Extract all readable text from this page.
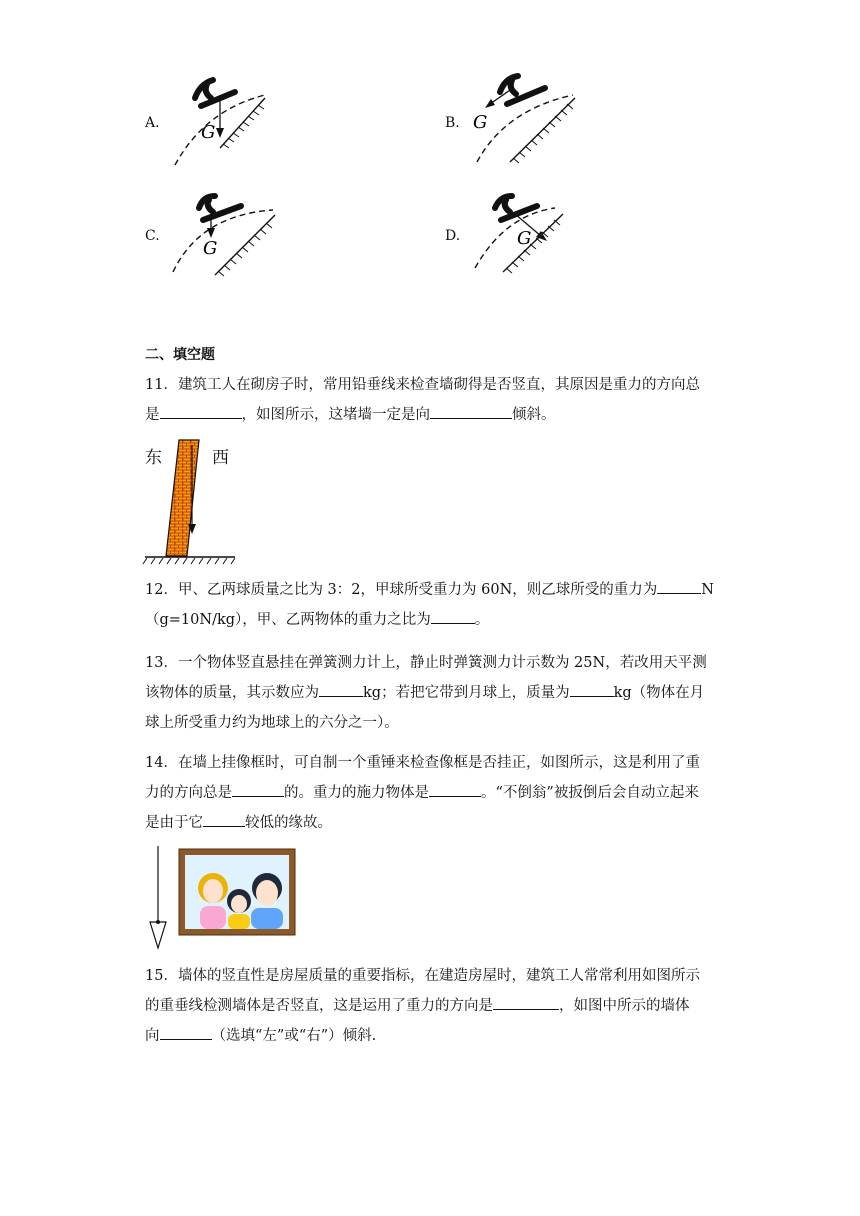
A. G	B. G
C.
G
D.	G
二、填空题
11．建筑工人在砌房子时，常用铅垂线来检查墙砌得是否竖直，其原因是重力的方向总
是	，如图所示，这堵墙一定是向	倾斜。
东	西
12．甲、乙两球质量之比为 3：2，甲球所受重力为 60N，则乙球所受的重力为	N
（g=10N/kg），甲、乙两物体的重力之比为	。
13．一个物体竖直悬挂在弹簧测力计上，静止时弹簧测力计示数为 25N，若改用天平测
该物体的质量，其示数应为	kg；若把它带到月球上，质量为	kg（物体在月
球上所受重力约为地球上的六分之一）。
14．在墙上挂像框时，可自制一个重锤来检查像框是否挂正，如图所示，这是利用了重
力的方向总是	的。重力的施力物体是	。“不倒翁”被扳倒后会自动立起来
是由于它	较低的缘故。
15．墙体的竖直性是房屋质量的重要指标，在建造房屋时，建筑工人常常利用如图所示
的重垂线检测墙体是否竖直，这是运用了重力的方向是	，如图中所示的墙体
向	（选填“左”或“右”）倾斜.
